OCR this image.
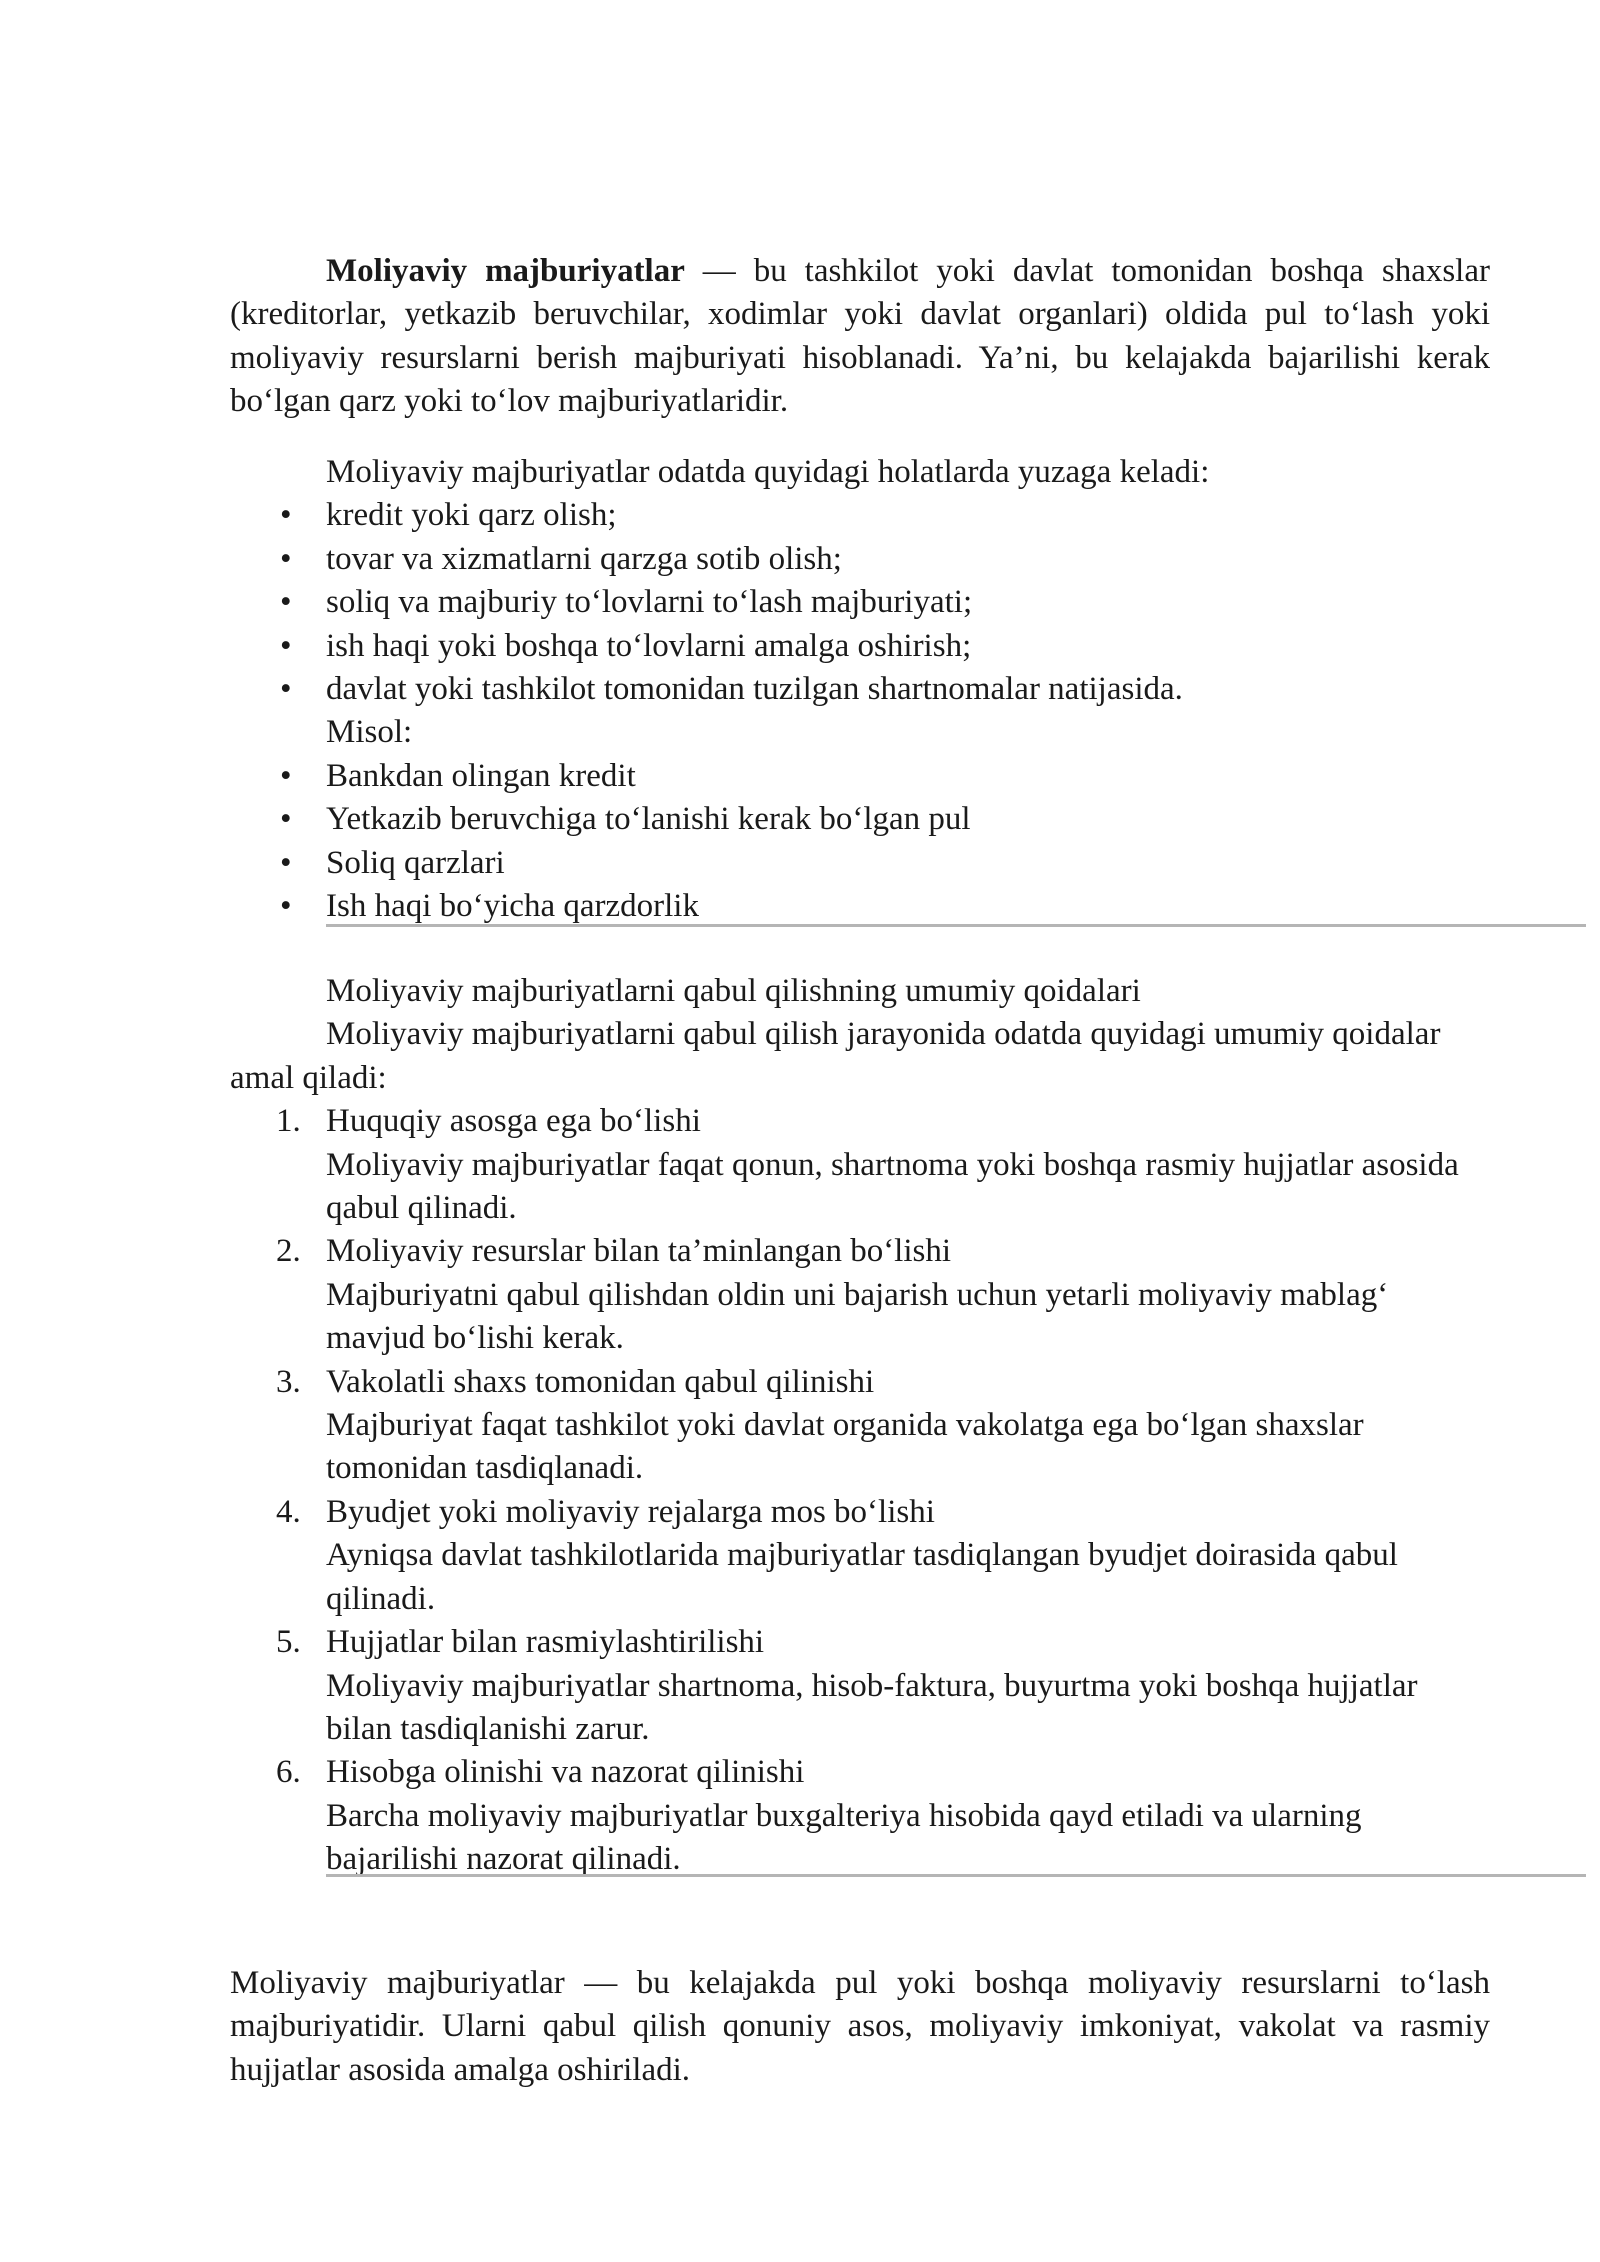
Moliyaviy majburiyatlar — bu tashkilot yoki davlat tomonidan boshqa shaxslar (kreditorlar, yetkazib beruvchilar, xodimlar yoki davlat organlari) oldida pul to‘lash yoki moliyaviy resurslarni berish majburiyati hisoblanadi. Ya’ni, bu kelajakda bajarilishi kerak bo‘lgan qarz yoki to‘lov majburiyatlaridir.

Moliyaviy majburiyatlar odatda quyidagi holatlarda yuzaga keladi:
• kredit yoki qarz olish;
• tovar va xizmatlarni qarzga sotib olish;
• soliq va majburiy to‘lovlarni to‘lash majburiyati;
• ish haqi yoki boshqa to‘lovlarni amalga oshirish;
• davlat yoki tashkilot tomonidan tuzilgan shartnomalar natijasida.
Misol:
• Bankdan olingan kredit
• Yetkazib beruvchiga to‘lanishi kerak bo‘lgan pul
• Soliq qarzlari
• Ish haqi bo‘yicha qarzdorlik
Moliyaviy majburiyatlarni qabul qilishning umumiy qoidalari
Moliyaviy majburiyatlarni qabul qilish jarayonida odatda quyidagi umumiy qoidalar amal qiladi:
1. Huquqiy asosga ega bo‘lishi
Moliyaviy majburiyatlar faqat qonun, shartnoma yoki boshqa rasmiy hujjatlar asosida qabul qilinadi.
2. Moliyaviy resurslar bilan ta’minlangan bo‘lishi
Majburiyatni qabul qilishdan oldin uni bajarish uchun yetarli moliyaviy mablag‘ mavjud bo‘lishi kerak.
3. Vakolatli shaxs tomonidan qabul qilinishi
Majburiyat faqat tashkilot yoki davlat organida vakolatga ega bo‘lgan shaxslar tomonidan tasdiqlanadi.
4. Byudjet yoki moliyaviy rejalarga mos bo‘lishi
Ayniqsa davlat tashkilotlarida majburiyatlar tasdiqlangan byudjet doirasida qabul qilinadi.
5. Hujjatlar bilan rasmiylashtirilishi
Moliyaviy majburiyatlar shartnoma, hisob-faktura, buyurtma yoki boshqa hujjatlar bilan tasdiqlanishi zarur.
6. Hisobga olinishi va nazorat qilinishi
Barcha moliyaviy majburiyatlar buxgalteriya hisobida qayd etiladi va ularning bajarilishi nazorat qilinadi.

Moliyaviy majburiyatlar — bu kelajakda pul yoki boshqa moliyaviy resurslarni to‘lash majburiyatidir. Ularni qabul qilish qonuniy asos, moliyaviy imkoniyat, vakolat va rasmiy hujjatlar asosida amalga oshiriladi.
